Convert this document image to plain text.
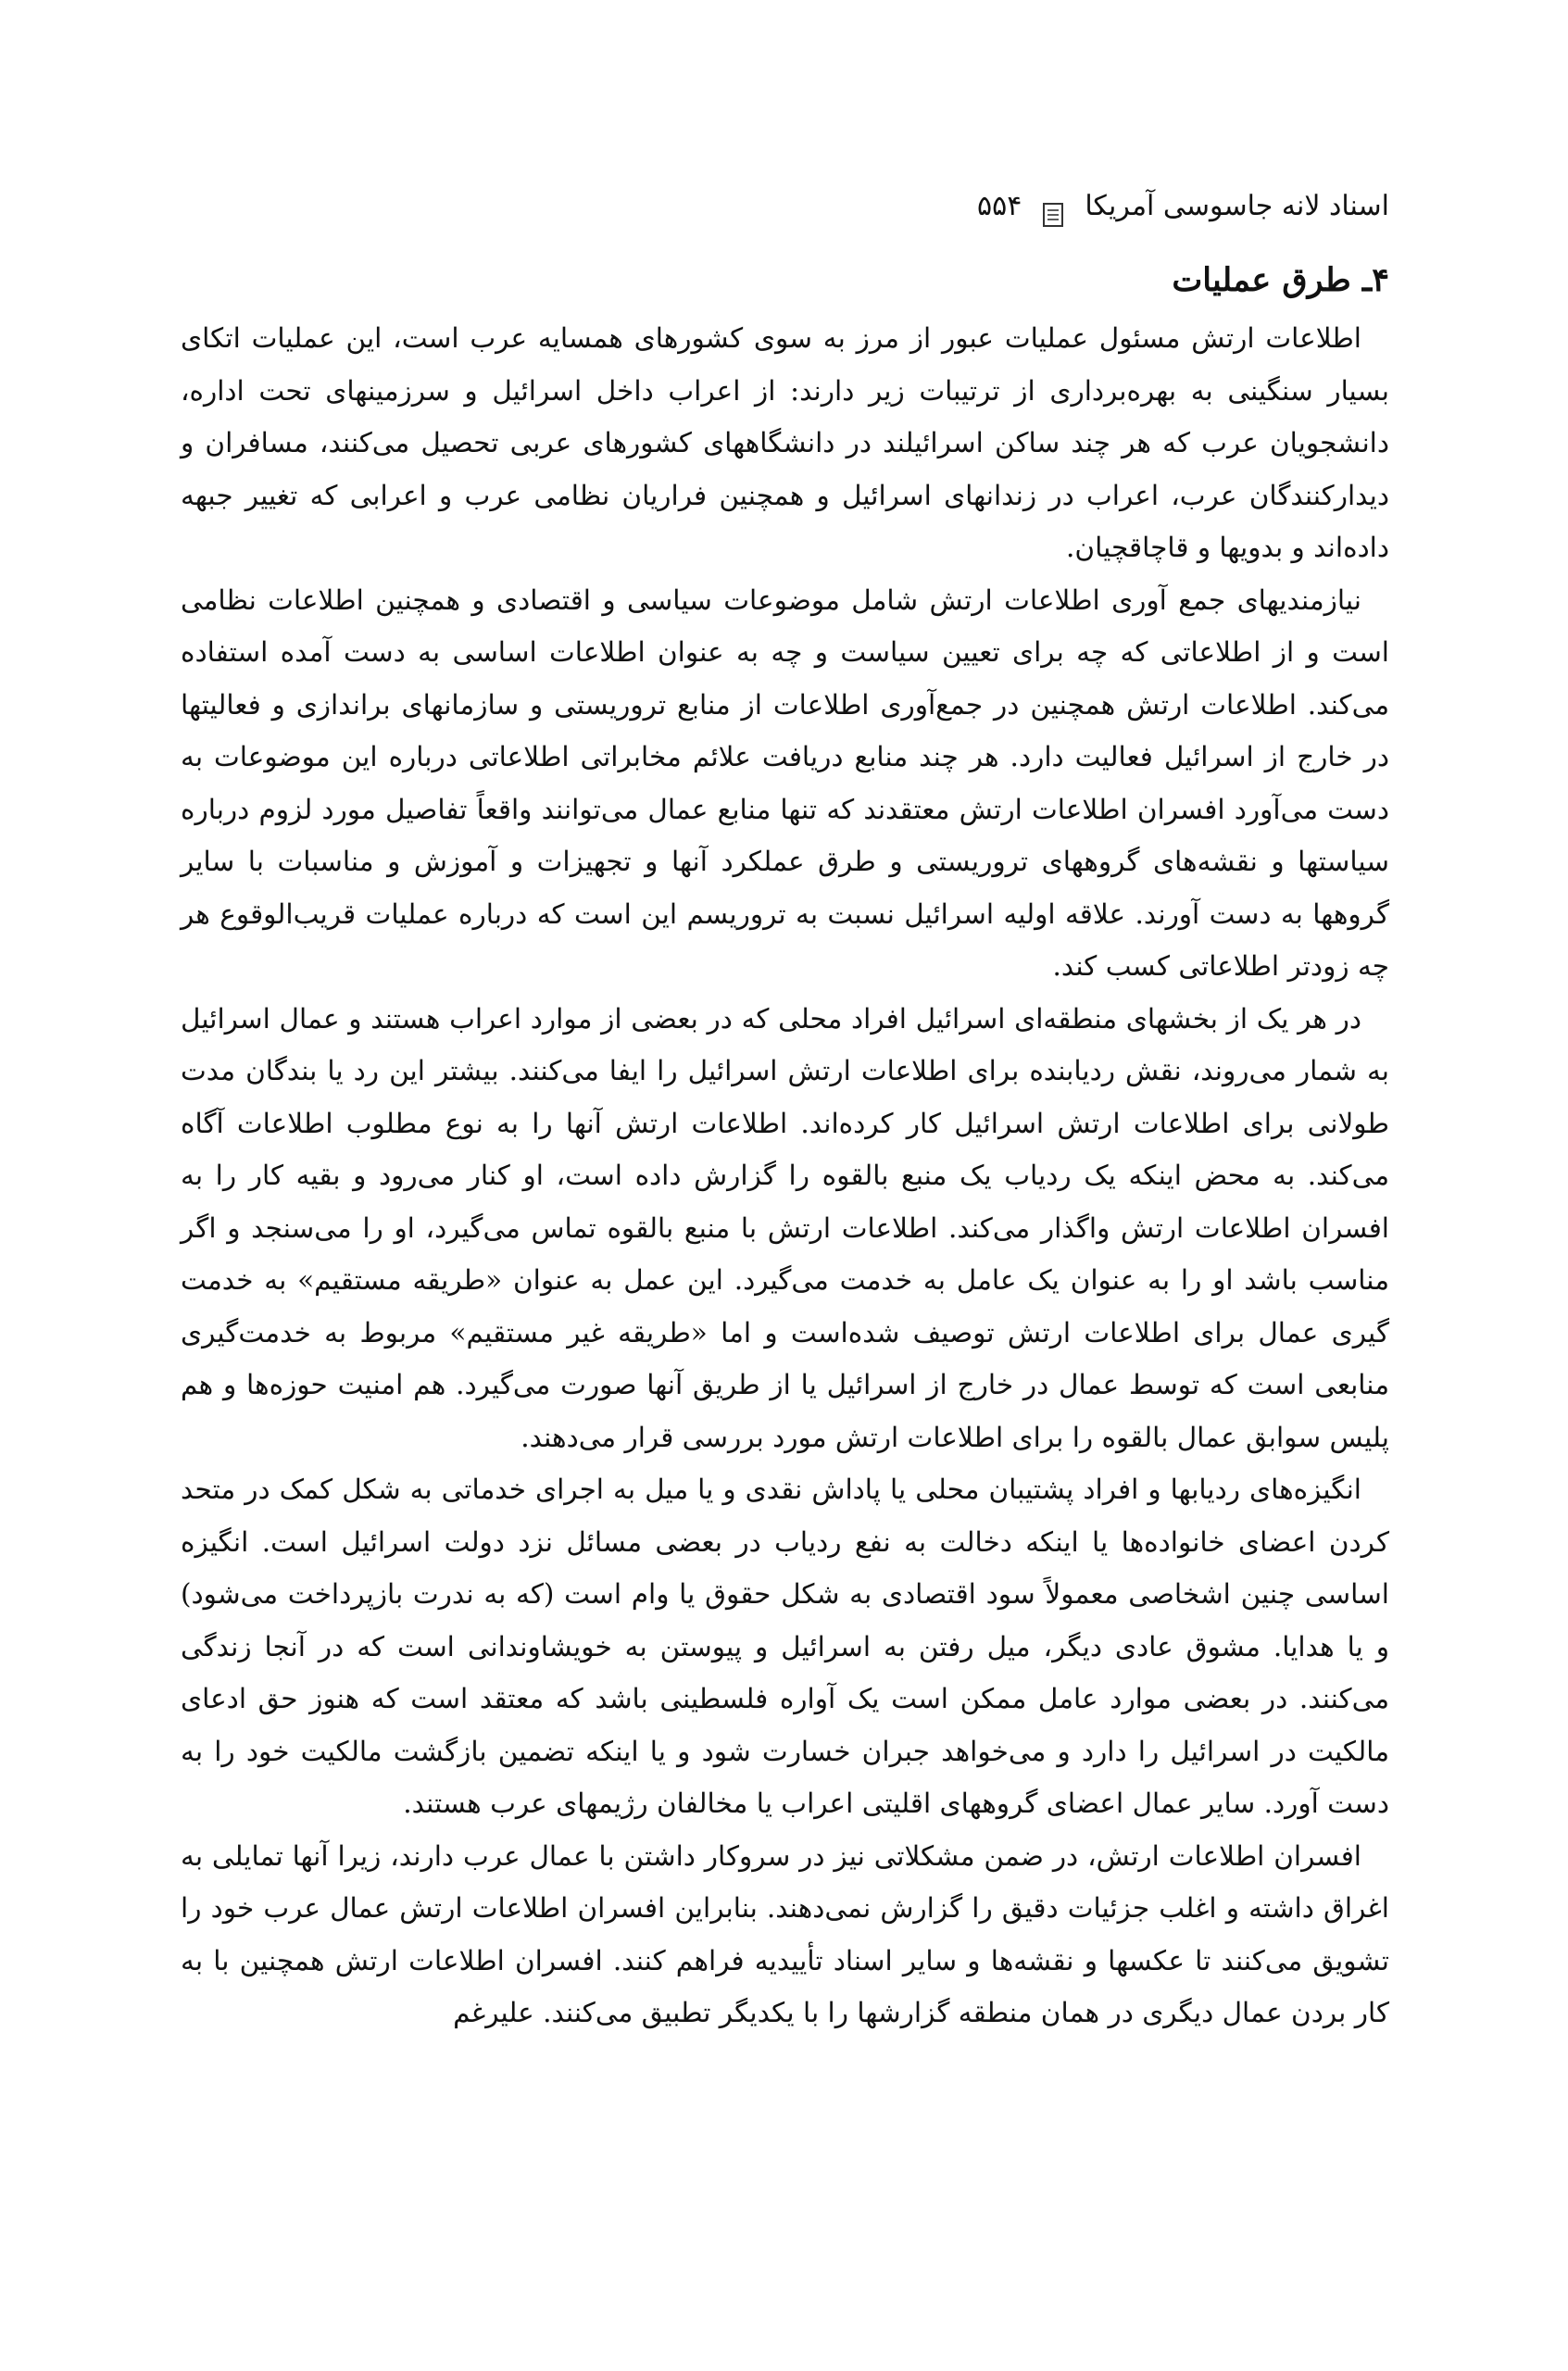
اسناد لانه جاسوسی آمریکا
۵۵۴
۴ـ طرق عملیات

اطلاعات ارتش مسئول عملیات عبور از مرز به سوی کشورهای همسایه عرب است، این عملیات اتکای بسیار سنگینی به بهره‌برداری از ترتیبات زیر دارند: از اعراب داخل اسرائیل و سرزمینهای تحت اداره، دانشجویان عرب که هر چند ساکن اسرائیلند در دانشگاههای کشورهای عربی تحصیل می‌کنند، مسافران و دیدارکنندگان عرب، اعراب در زندانهای اسرائیل و همچنین فراریان نظامی عرب و اعرابی که تغییر جبهه داده‌اند و بدویها و قاچاقچیان.

نیازمندیهای جمع آوری اطلاعات ارتش شامل موضوعات سیاسی و اقتصادی و همچنین اطلاعات نظامی است و از اطلاعاتی که چه برای تعیین سیاست و چه به عنوان اطلاعات اساسی به دست آمده استفاده می‌کند. اطلاعات ارتش همچنین در جمع‌آوری اطلاعات از منابع تروریستی و سازمانهای براندازی و فعالیتها در خارج از اسرائیل فعالیت دارد. هر چند منابع دریافت علائم مخابراتی اطلاعاتی درباره این موضوعات به دست می‌آورد افسران اطلاعات ارتش معتقدند که تنها منابع عمال می‌توانند واقعاً تفاصیل مورد لزوم درباره سیاستها و نقشه‌های گروههای تروریستی و طرق عملکرد آنها و تجهیزات و آموزش و مناسبات با سایر گروهها به دست آورند. علاقه اولیه اسرائیل نسبت به تروریسم این است که درباره عملیات قریب‌الوقوع هر چه زودتر اطلاعاتی کسب کند.

در هر یک از بخشهای منطقه‌ای اسرائیل افراد محلی که در بعضی از موارد اعراب هستند و عمال اسرائیل به شمار می‌روند، نقش ردیابنده برای اطلاعات ارتش اسرائیل را ایفا می‌کنند. بیشتر این رد یا بندگان مدت طولانی برای اطلاعات ارتش اسرائیل کار کرده‌اند. اطلاعات ارتش آنها را به نوع مطلوب اطلاعات آگاه می‌کند. به محض اینکه یک ردیاب یک منبع بالقوه را گزارش داده است، او کنار می‌رود و بقیه کار را به افسران اطلاعات ارتش واگذار می‌کند. اطلاعات ارتش با منبع بالقوه تماس می‌گیرد، او را می‌سنجد و اگر مناسب باشد او را به عنوان یک عامل به خدمت می‌گیرد. این عمل به عنوان «طریقه مستقیم» به خدمت گیری عمال برای اطلاعات ارتش توصیف شده‌است و اما «طریقه غیر مستقیم» مربوط به خدمت‌گیری منابعی است که توسط عمال در خارج از اسرائیل یا از طریق آنها صورت می‌گیرد. هم امنیت حوزه‌ها و هم پلیس سوابق عمال بالقوه را برای اطلاعات ارتش مورد بررسی قرار می‌دهند.

انگیزه‌های ردیابها و افراد پشتیبان محلی یا پاداش نقدی و یا میل به اجرای خدماتی به شکل کمک در متحد کردن اعضای خانواده‌ها یا اینکه دخالت به نفع ردیاب در بعضی مسائل نزد دولت اسرائیل است. انگیزه اساسی چنین اشخاصی معمولاً سود اقتصادی به شکل حقوق یا وام است (که به ندرت بازپرداخت می‌شود) و یا هدایا. مشوق عادی دیگر، میل رفتن به اسرائیل و پیوستن به خویشاوندانی است که در آنجا زندگی می‌کنند. در بعضی موارد عامل ممکن است یک آواره فلسطینی باشد که معتقد است که هنوز حق ادعای مالکیت در اسرائیل را دارد و می‌خواهد جبران خسارت شود و یا اینکه تضمین بازگشت مالکیت خود را به دست آورد. سایر عمال اعضای گروههای اقلیتی اعراب یا مخالفان رژیمهای عرب هستند.

افسران اطلاعات ارتش، در ضمن مشکلاتی نیز در سروکار داشتن با عمال عرب دارند، زیرا آنها تمایلی به اغراق داشته و اغلب جزئیات دقیق را گزارش نمی‌دهند. بنابراین افسران اطلاعات ارتش عمال عرب خود را تشویق می‌کنند تا عکسها و نقشه‌ها و سایر اسناد تأییدیه فراهم کنند. افسران اطلاعات ارتش همچنین با به کار بردن عمال دیگری در همان منطقه گزارشها را با یکدیگر تطبیق می‌کنند. علیرغم
